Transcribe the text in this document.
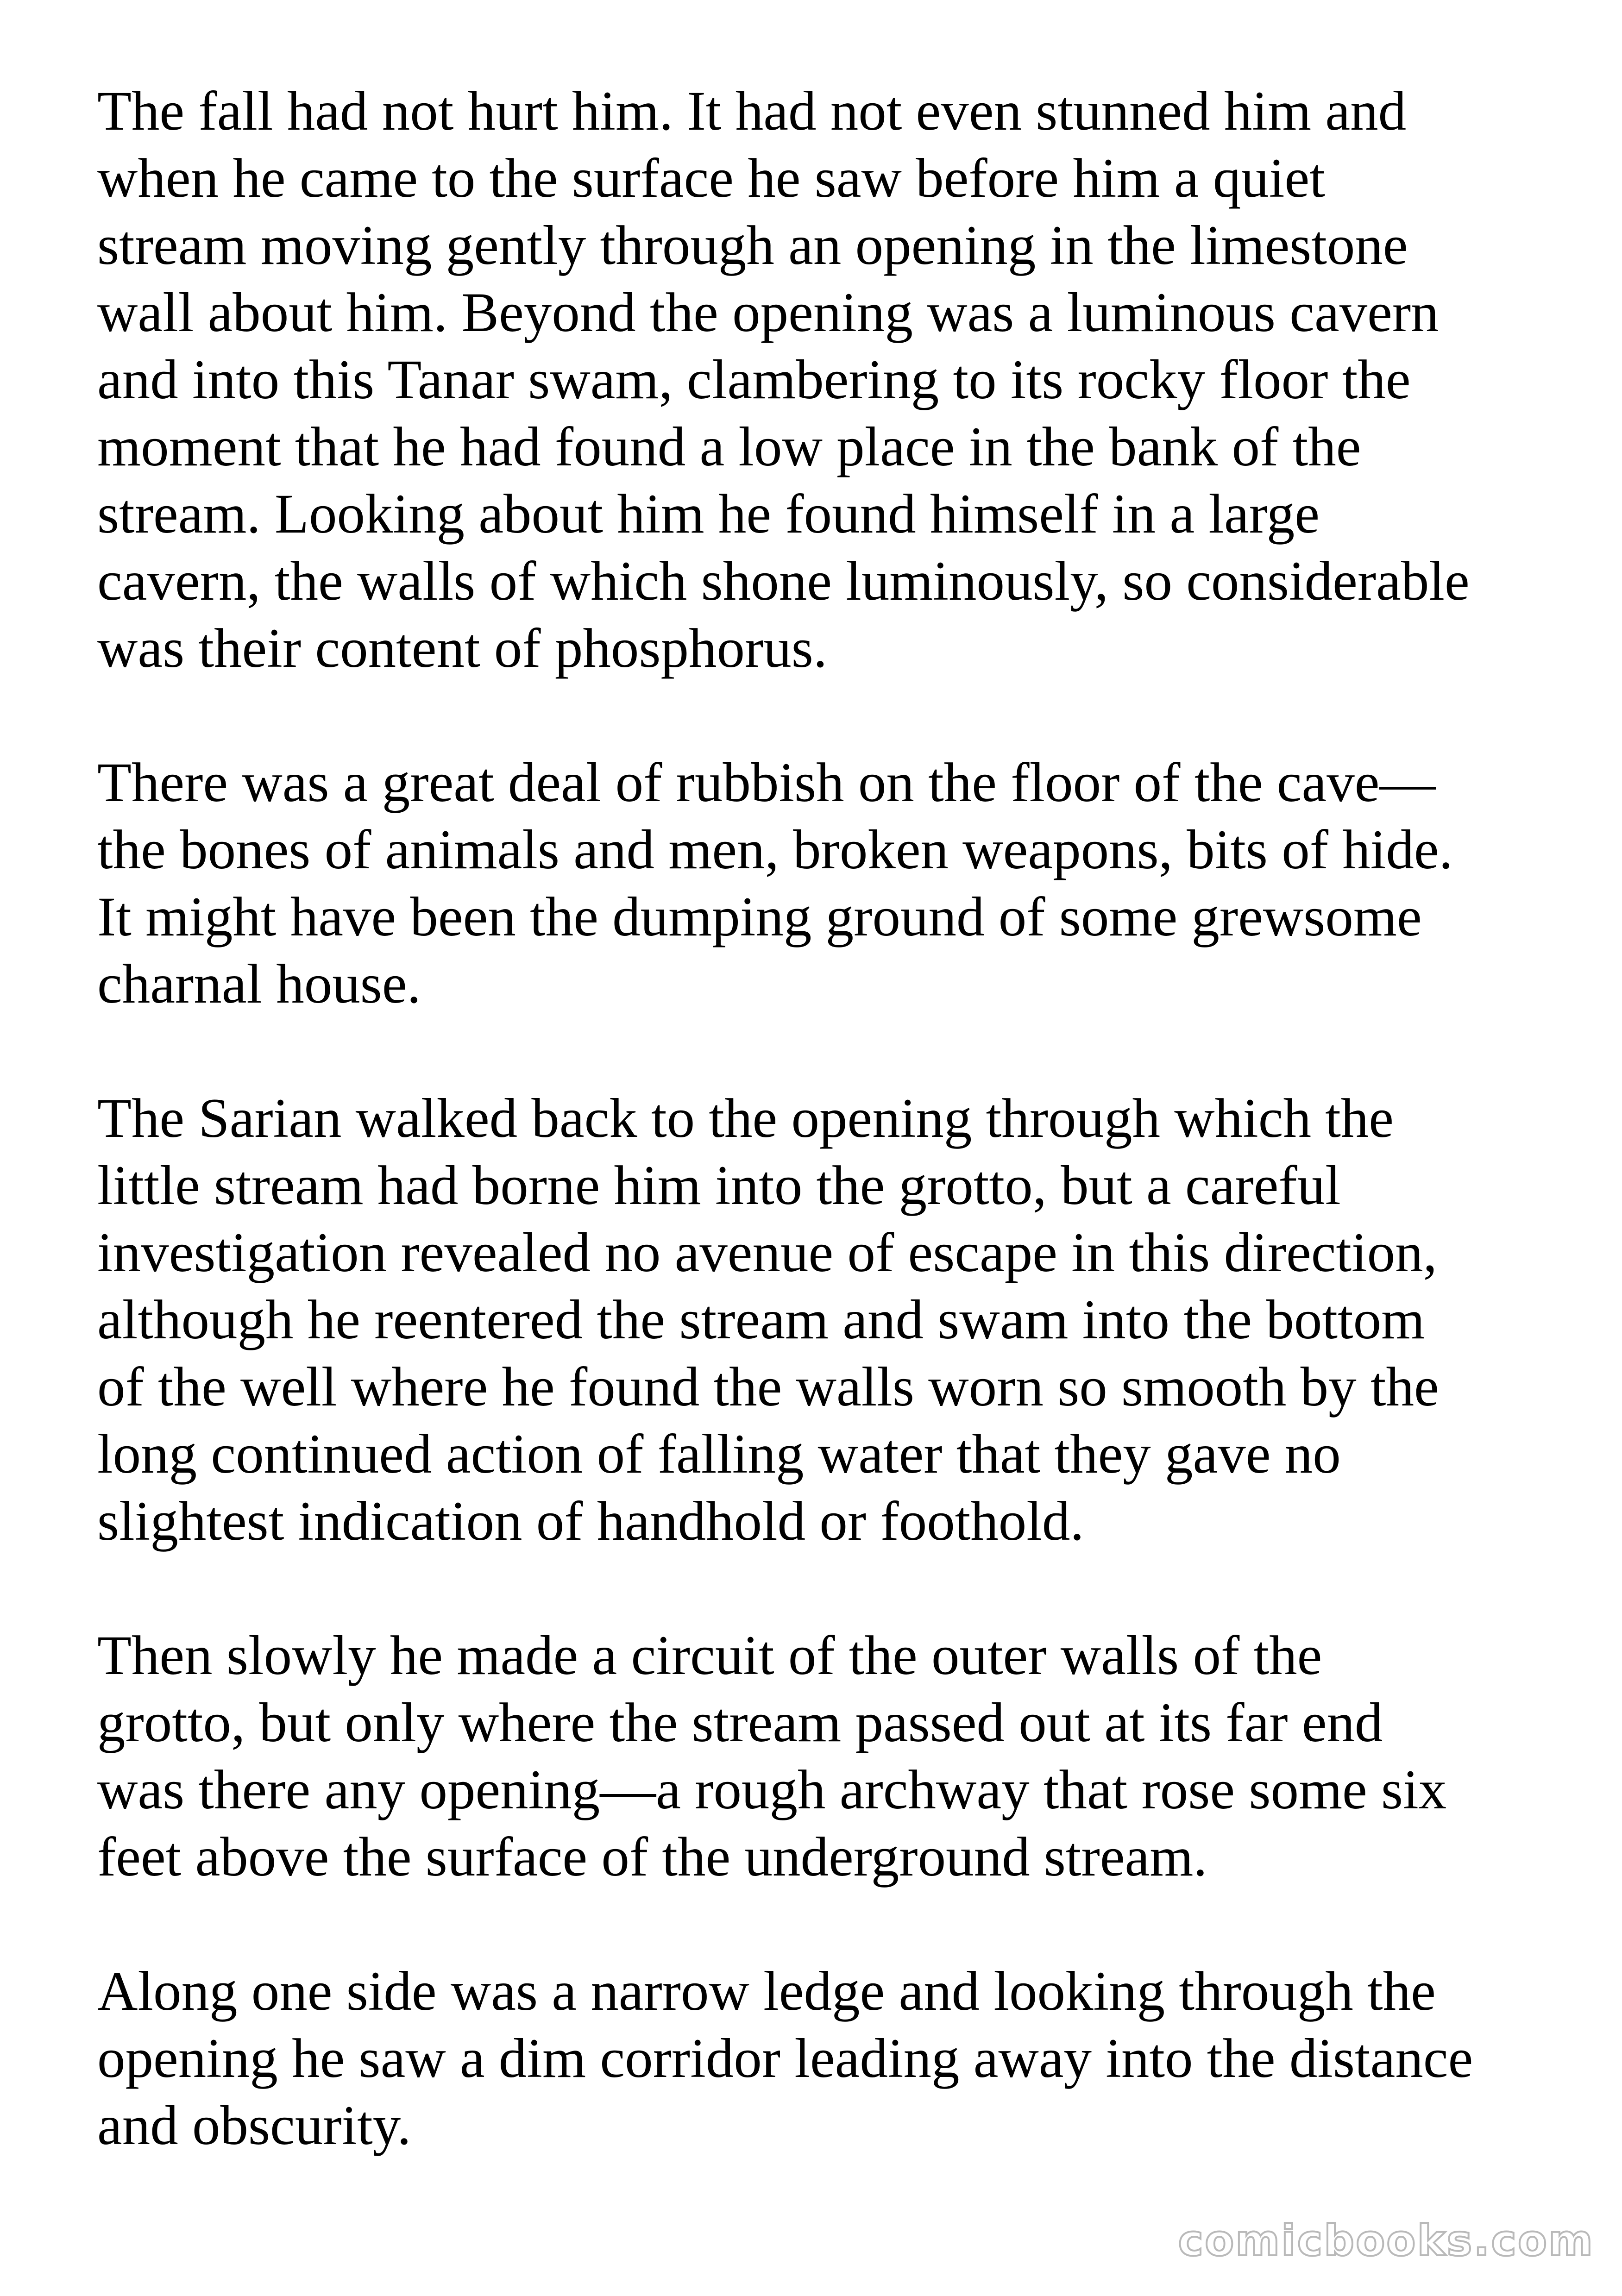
The fall had not hurt him. It had not even stunned him and
when he came to the surface he saw before him a quiet
stream moving gently through an opening in the limestone
wall about him. Beyond the opening was a luminous cavern
and into this Tanar swam, clambering to its rocky floor the
moment that he had found a low place in the bank of the
stream. Looking about him he found himself in a large
cavern, the walls of which shone luminously, so considerable
was their content of phosphorus.

There was a great deal of rubbish on the floor of the cave—
the bones of animals and men, broken weapons, bits of hide.
It might have been the dumping ground of some grewsome
charnal house.

The Sarian walked back to the opening through which the
little stream had borne him into the grotto, but a careful
investigation revealed no avenue of escape in this direction,
although he reentered the stream and swam into the bottom
of the well where he found the walls worn so smooth by the
long continued action of falling water that they gave no
slightest indication of handhold or foothold.

Then slowly he made a circuit of the outer walls of the
grotto, but only where the stream passed out at its far end
was there any opening—a rough archway that rose some six
feet above the surface of the underground stream.

Along one side was a narrow ledge and looking through the
opening he saw a dim corridor leading away into the distance
and obscurity.

comicbooks.com
